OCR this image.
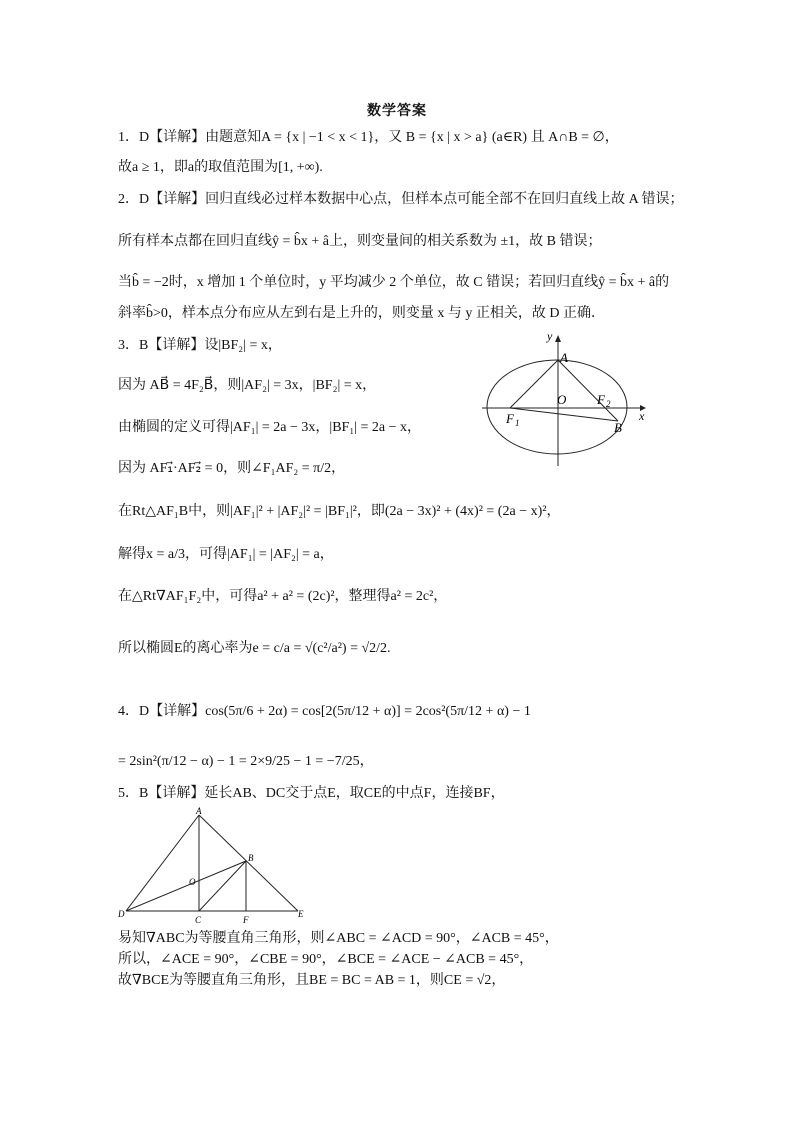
数学答案
1．D【详解】由题意知A = {x | −1 < x < 1}，又 B = {x | x > a} (a∈R) 且 A∩B = ∅，
故a ≥ 1，即a的取值范围为[1, +∞).
2．D【详解】回归直线必过样本数据中心点，但样本点可能全部不在回归直线上故 A 错误；
所有样本点都在回归直线ŷ = b̂x + â上，则变量间的相关系数为 ±1，故 B 错误；
当b̂ = −2时，x 增加 1 个单位时，y 平均减少 2 个单位，故 C 错误；若回归直线ŷ = b̂x + â的
斜率b̂>0，样本点分布应从左到右是上升的，则变量 x 与 y 正相关，故 D 正确．
3．B【详解】设|BF₂| = x，
因为 AB⃗ = 4F₂B⃗，则|AF₂| = 3x，|BF₂| = x，
由椭圆的定义可得|AF₁| = 2a − 3x，|BF₁| = 2a − x，
因为 AF₁⃗·AF₂⃗ = 0，则∠F₁AF₂ = π/2，
在Rt△AF₁B中，则|AF₁|² + |AF₂|² = |BF₁|²，即(2a − 3x)² + (4x)² = (2a − x)²，
解得x = a/3，可得|AF₁| = |AF₂| = a，
在△Rt∇AF₁F₂中，可得a² + a² = (2c)²，整理得a² = 2c²，
所以椭圆E的离心率为e = c/a = √(c²/a²) = √2/2.
4．D【详解】cos(5π/6 + 2α) = cos[2(5π/12 + α)] = 2cos²(5π/12 + α) − 1
= 2sin²(π/12 − α) − 1 = 2×9/25 − 1 = −7/25，
5．B【详解】延长AB、DC交于点E，取CE的中点F，连接BF，
易知∇ABC为等腰直角三角形，则∠ABC = ∠ACD = 90°，∠ACB = 45°，
所以，∠ACE = 90°，∠CBE = 90°，∠BCE = ∠ACE − ∠ACB = 45°，
故∇BCE为等腰直角三角形，且BE = BC = AB = 1，则CE = √2，
y
x
A
O
F 1
F 2
B
A
B
C
D	E
F
O
